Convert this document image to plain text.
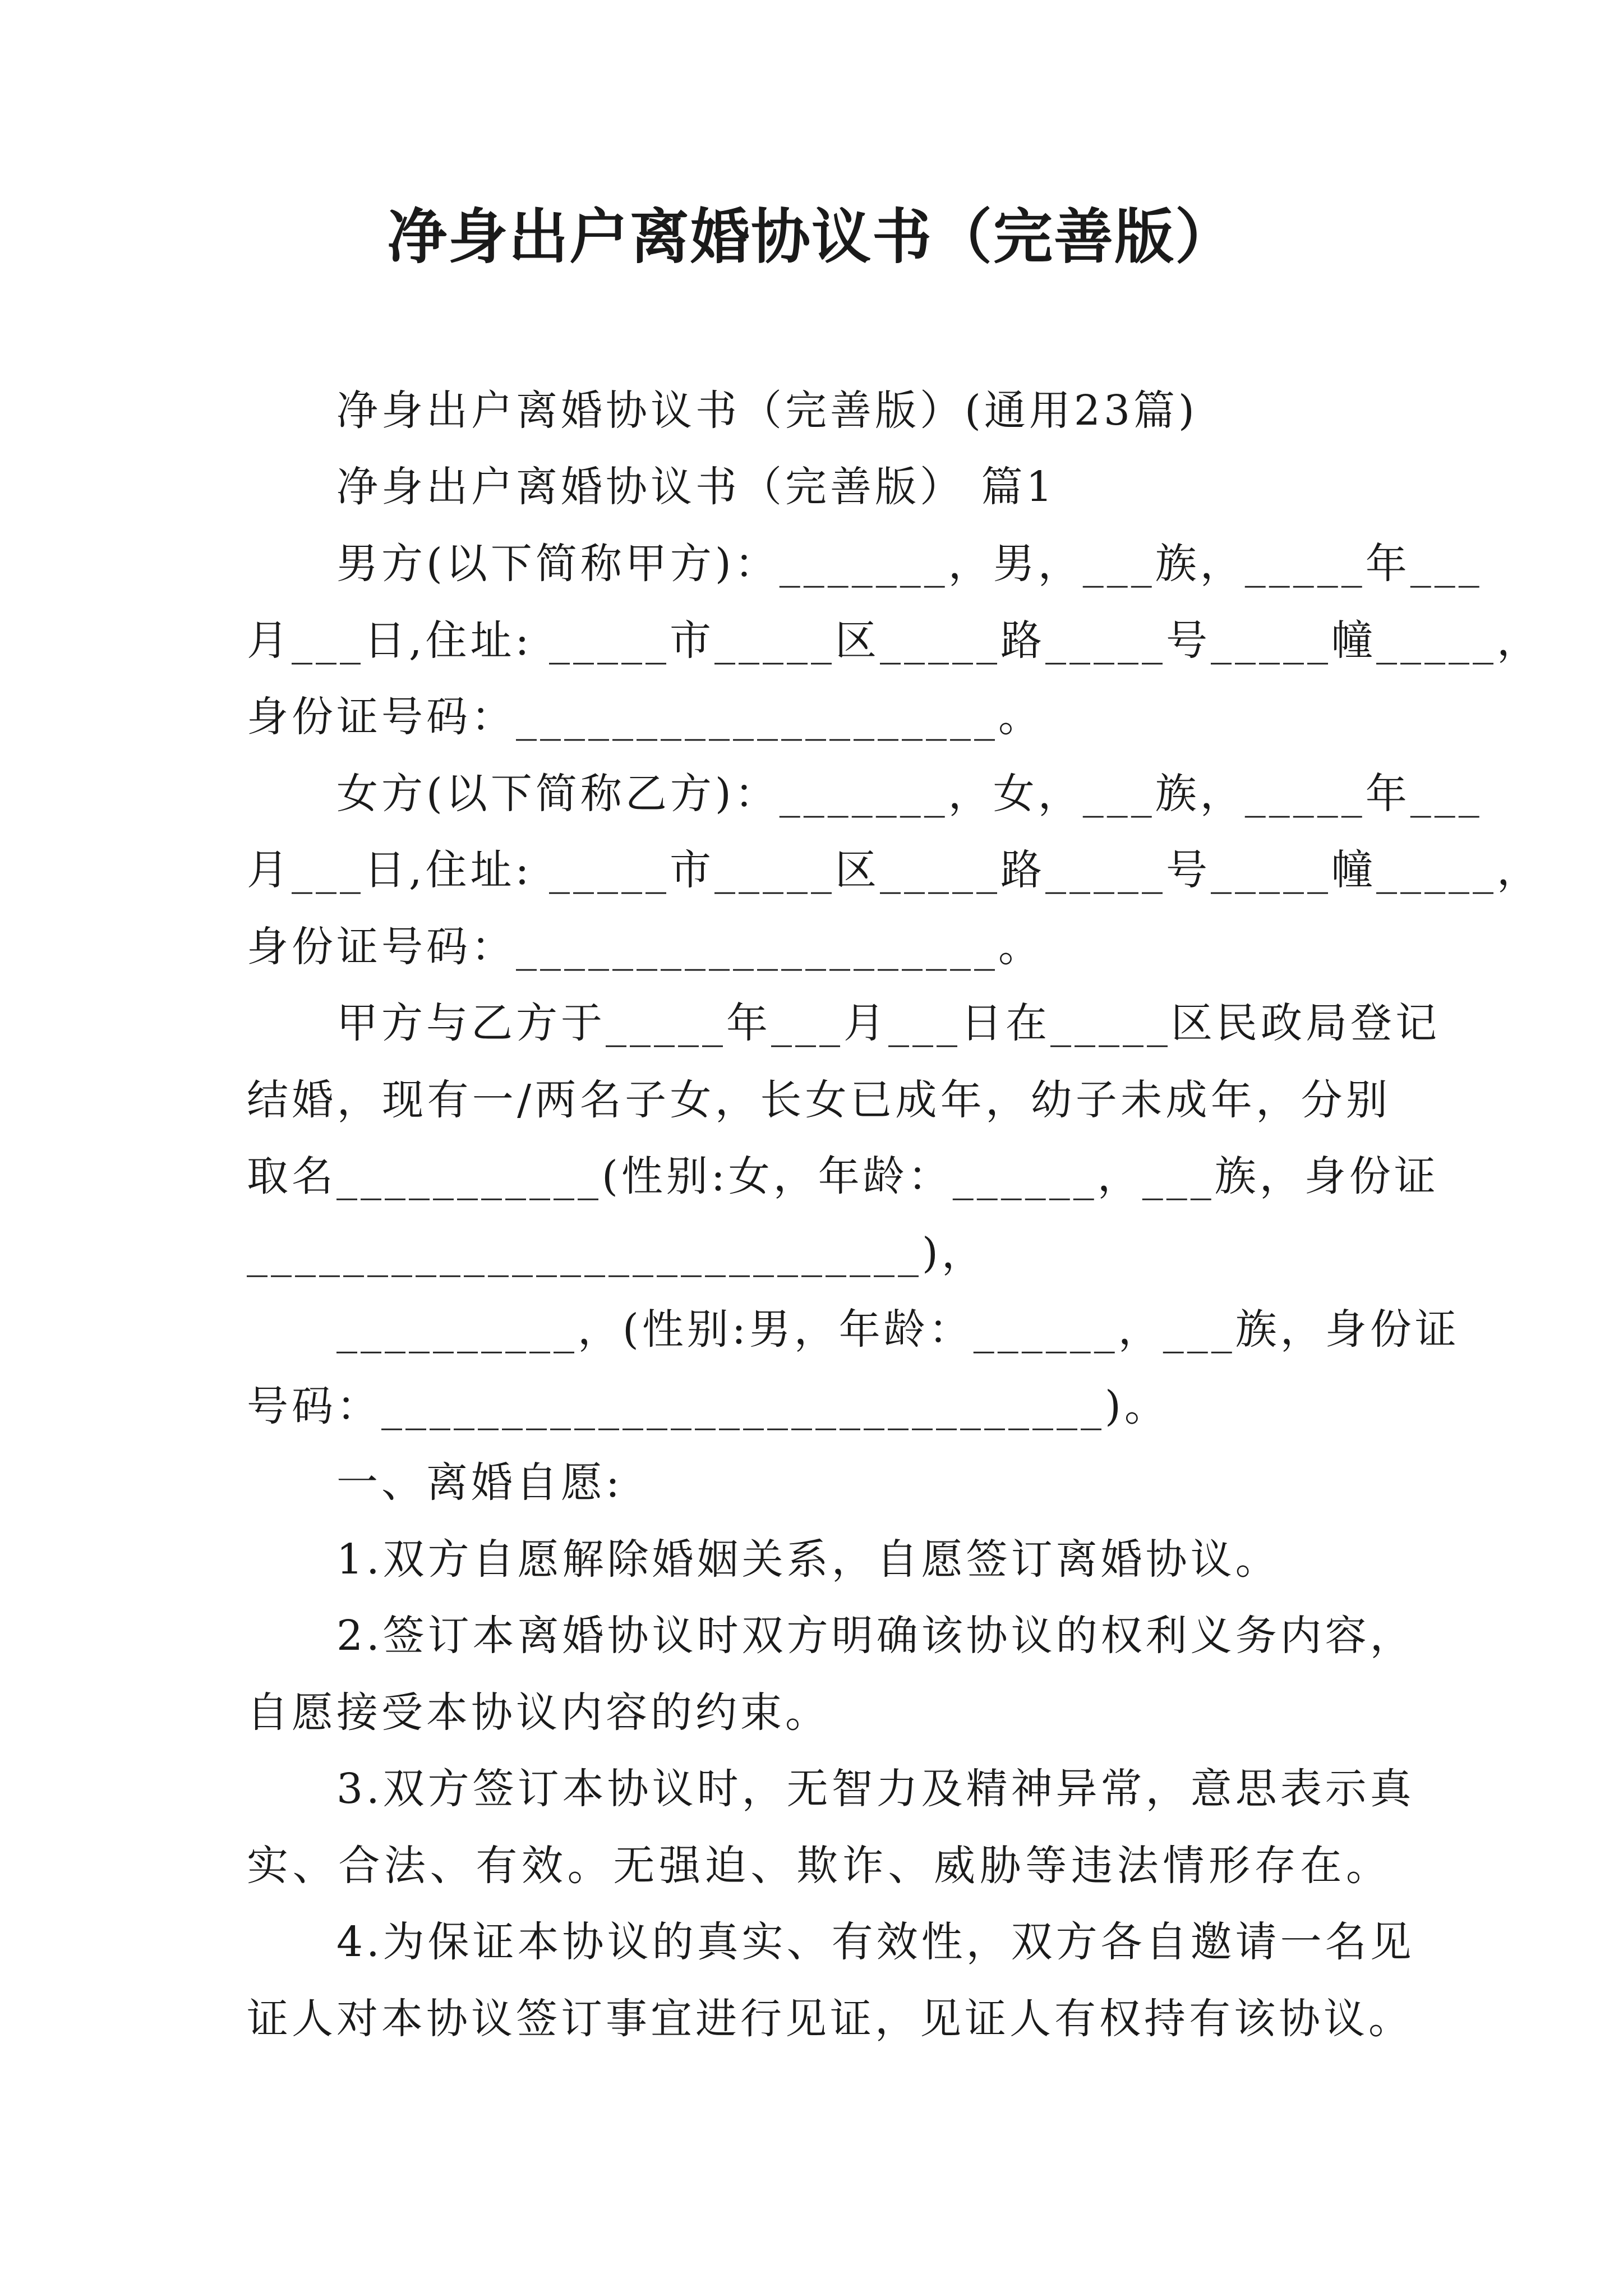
净身出户离婚协议书（完善版）
净身出户离婚协议书（完善版）(通用23篇)
净身出户离婚协议书（完善版） 篇1
男方(以下简称甲方)：_______，男，___族，_____年___
月___日,住址: _____市_____区_____路_____号_____幢_____，
身份证号码：____________________。
女方(以下简称乙方)：_______，女，___族，_____年___
月___日,住址: _____市_____区_____路_____号_____幢_____，
身份证号码：____________________。
甲方与乙方于_____年___月___日在_____区民政局登记
结婚，现有一/两名子女，长女已成年，幼子未成年，分别
取名___________(性别:女，年龄：______，___族，身份证
____________________________)，
__________，(性别:男，年龄：______，___族，身份证
号码：______________________________)。
一、离婚自愿:
1.双方自愿解除婚姻关系，自愿签订离婚协议。
2.签订本离婚协议时双方明确该协议的权利义务内容，
自愿接受本协议内容的约束。
3.双方签订本协议时，无智力及精神异常，意思表示真
实、合法、有效。无强迫、欺诈、威胁等违法情形存在。
4.为保证本协议的真实、有效性，双方各自邀请一名见
证人对本协议签订事宜进行见证，见证人有权持有该协议。
